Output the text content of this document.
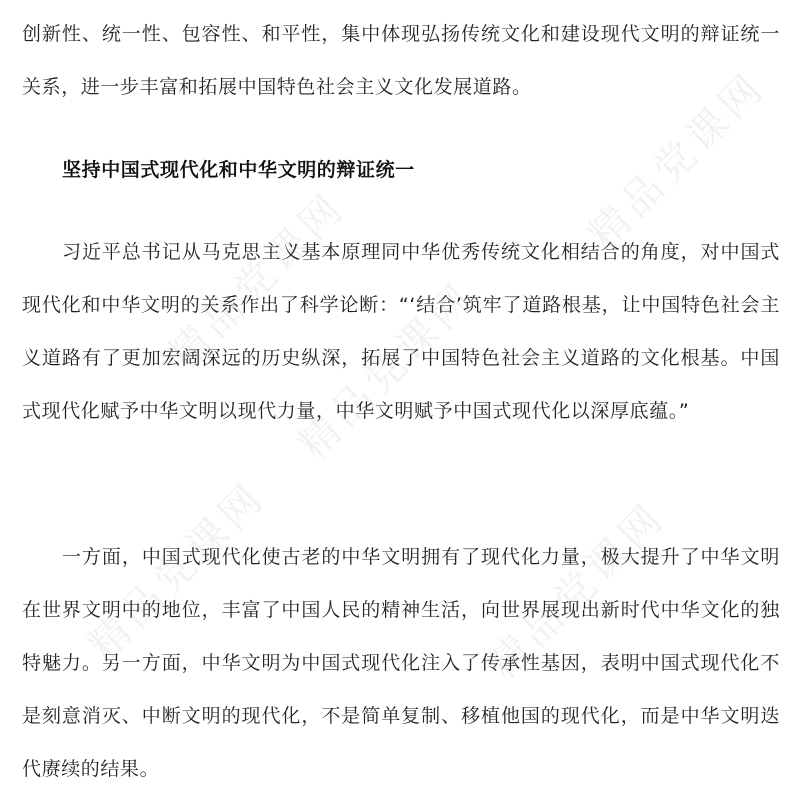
创新性、统一性、包容性、和平性，集中体现弘扬传统文化和建设现代文明的辩证统一关系，进一步丰富和拓展中国特色社会主义文化发展道路。

坚持中国式现代化和中华文明的辩证统一

习近平总书记从马克思主义基本原理同中华优秀传统文化相结合的角度，对中国式现代化和中华文明的关系作出了科学论断：“‘结合’筑牢了道路根基，让中国特色社会主义道路有了更加宏阔深远的历史纵深，拓展了中国特色社会主义道路的文化根基。中国式现代化赋予中华文明以现代力量，中华文明赋予中国式现代化以深厚底蕴。”

一方面，中国式现代化使古老的中华文明拥有了现代化力量，极大提升了中华文明在世界文明中的地位，丰富了中国人民的精神生活，向世界展现出新时代中华文化的独特魅力。另一方面，中华文明为中国式现代化注入了传承性基因，表明中国式现代化不是刻意消灭、中断文明的现代化，不是简单复制、移植他国的现代化，而是中华文明迭代赓续的结果。

精品党课网
精品党课网
精品党课网	精品党课网
精品党课网
